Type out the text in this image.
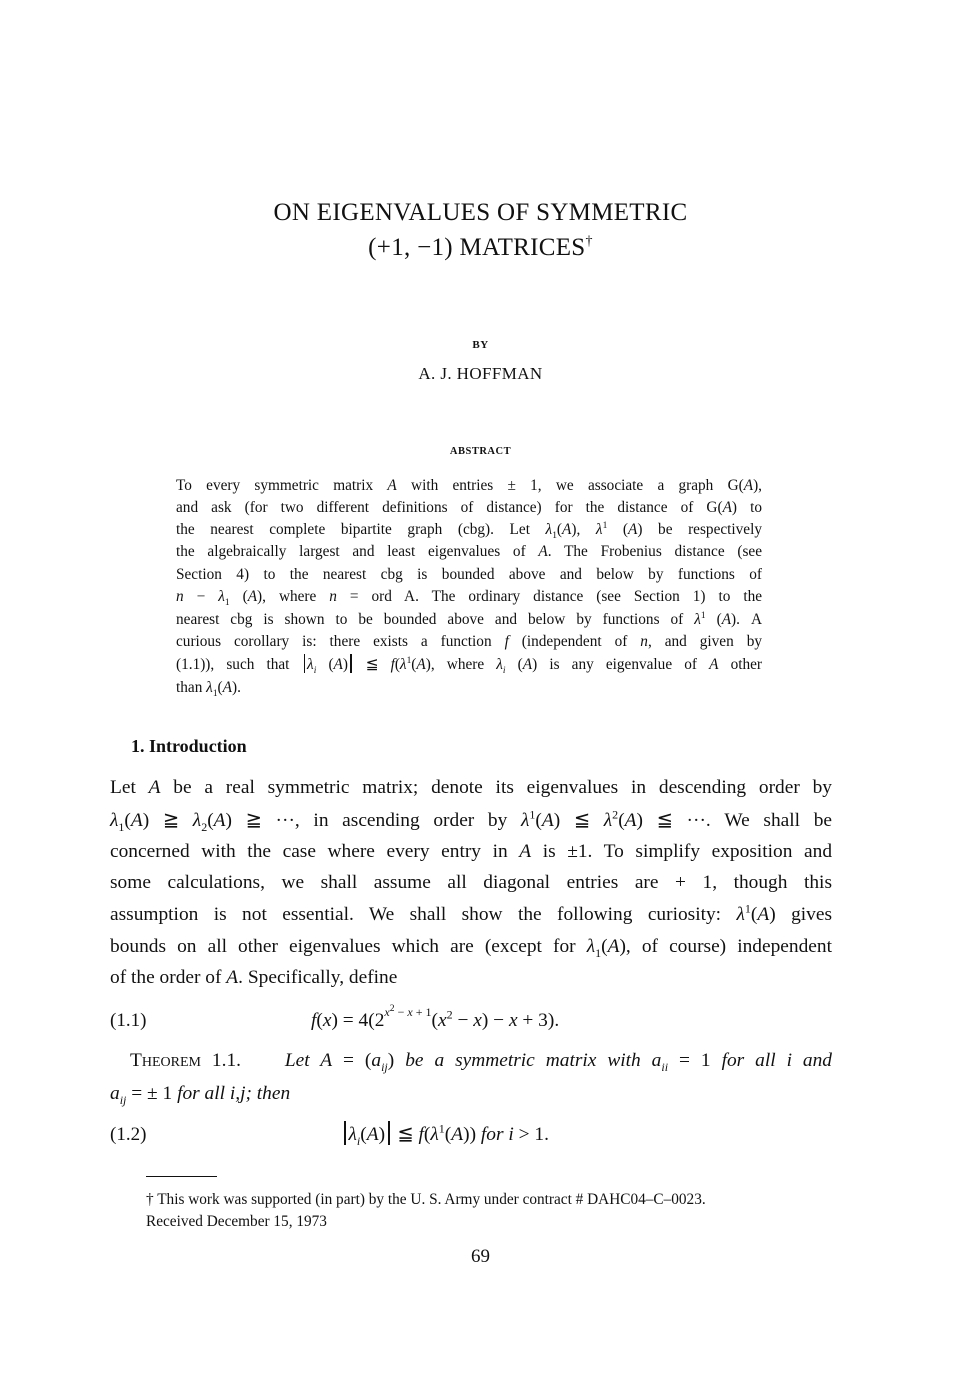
ON EIGENVALUES OF SYMMETRIC
(+1, −1) MATRICES†
BY
A. J. HOFFMAN
ABSTRACT
To every symmetric matrix A with entries ± 1, we associate a graph G(A),
and ask (for two different definitions of distance) for the distance of G(A) to
the nearest complete bipartite graph (cbg). Let $\lambda_1(A)$, $\lambda^1$ (A) be respectively
the algebraically largest and least eigenvalues of A. The Frobenius distance (see
Section 4) to the nearest cbg is bounded above and below by functions of
$n - \lambda_1$ (A), where n = ord A. The ordinary distance (see Section 1) to the
nearest cbg is shown to be bounded above and below by functions of $\lambda^1$ (A). A
curious corollary is: there exists a function f (independent of n, and given by
(1.1)), such that $\lambda_i$ (A) ≦ $f(\lambda^1(A)$, where $\lambda_i$ (A) is any eigenvalue of A other
than $\lambda_1(A)$.
1. Introduction
Let A be a real symmetric matrix; denote its eigenvalues in descending order by
$\lambda_1(A)$ ≧ $\lambda_2(A)$ ≧ ···, in ascending order by $\lambda^1(A)$ ≦ $\lambda^2(A)$ ≦ ···. We shall be
concerned with the case where every entry in A is ±1. To simplify exposition and
some calculations, we shall assume all diagonal entries are + 1, though this
assumption is not essential. We shall show the following curiosity: $\lambda^1(A)$ gives
bounds on all other eigenvalues which are (except for $\lambda_1(A)$, of course) independent
of the order of A. Specifically, define
(1.1)	$f(x) = 4(2^{x^2 - x + 1}(x^2 - x) - x + 3)$.
Theorem 1.1.    Let $A = (a_{ij})$ be a symmetric matrix with $a_{ii} = 1$ for all i and
$a_{ij}$ = ± 1 for all i,j; then
(1.2)	$\lambda_i(A)$ ≦ $f(\lambda^1(A))$ for i > 1.
† This work was supported (in part) by the U. S. Army under contract # DAHC04–C–0023.
Received December 15, 1973
69
